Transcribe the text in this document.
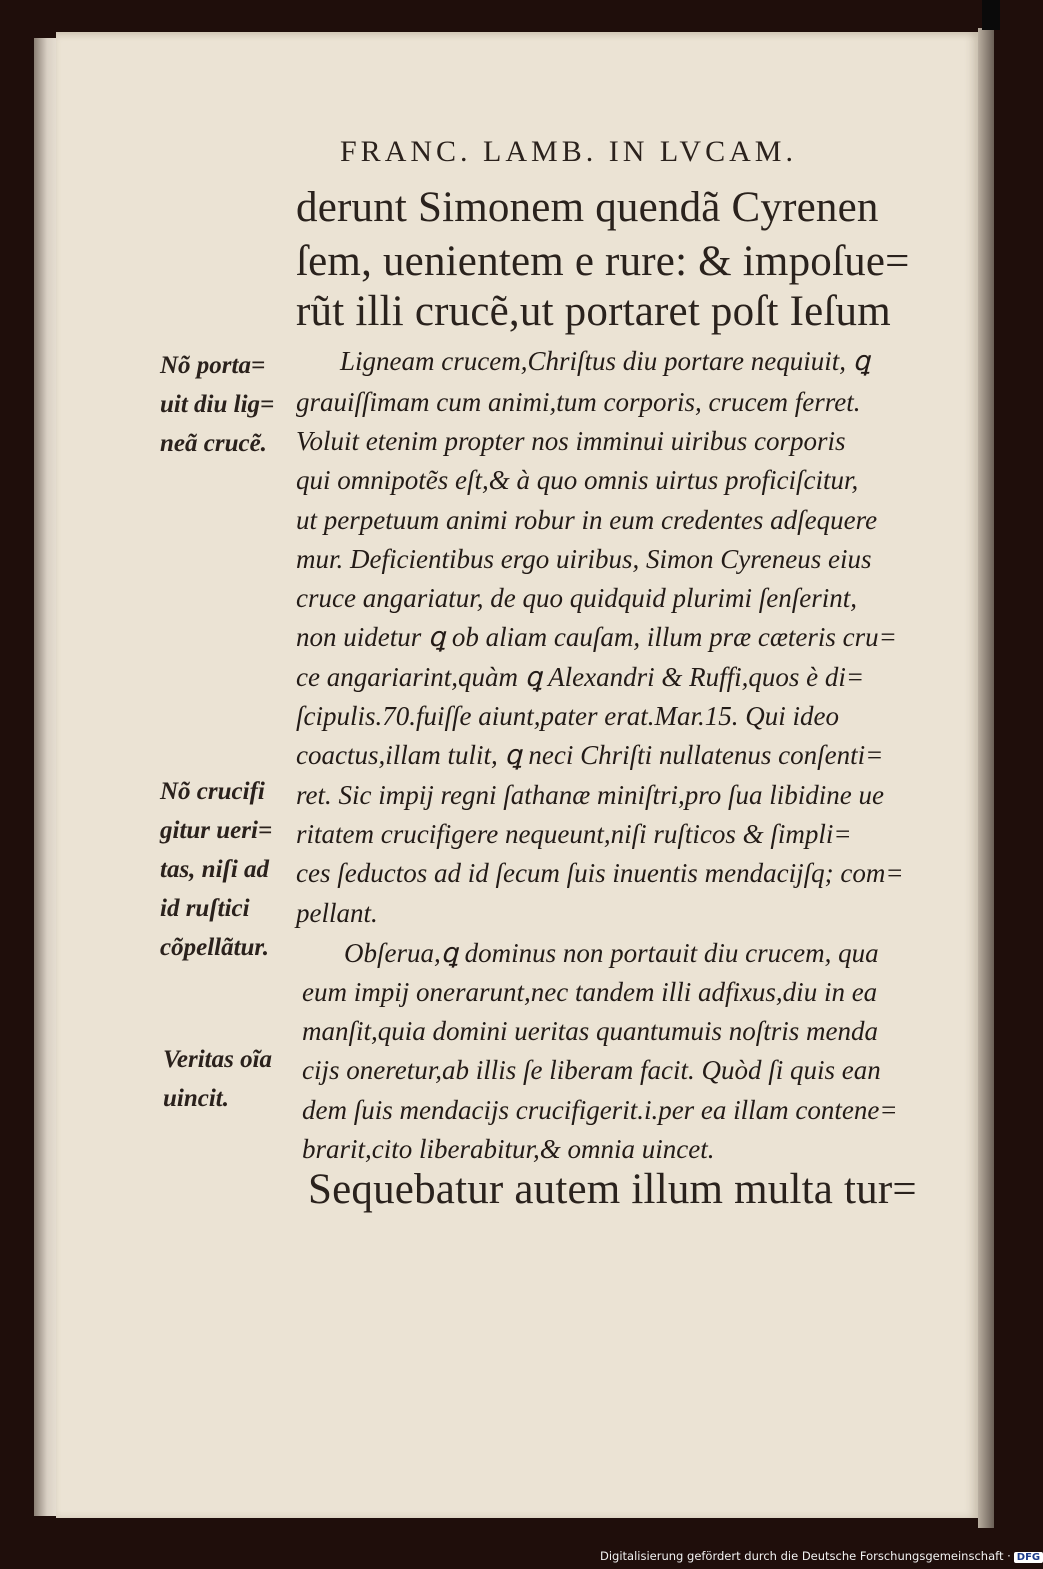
FRANC. LAMB. IN LVCAM.
derunt Simonem quendã Cyrenen
ſem, uenientem e rure: & impoſue=
rũt illi crucẽ,ut portaret poſt Ieſum
Ligneam crucem,Chriſtus diu portare nequiuit, ꝗ
grauiſſimam cum animi,tum corporis, crucem ferret.
Voluit etenim propter nos imminui uiribus corporis
qui omnipotẽs eſt,& à quo omnis uirtus proficiſcitur,
ut perpetuum animi robur in eum credentes adſequere
mur. Deficientibus ergo uiribus, Simon Cyreneus eius
cruce angariatur, de quo quidquid plurimi ſenſerint,
non uidetur ꝗ ob aliam cauſam, illum præ cæteris cru=
ce angariarint,quàm ꝗ Alexandri & Ruffi,quos è di=
ſcipulis.70.fuiſſe aiunt,pater erat.Mar.15. Qui ideo
coactus,illam tulit, ꝗ neci Chriſti nullatenus conſenti=
ret. Sic impij regni ſathanæ miniſtri,pro ſua libidine ue
ritatem crucifigere nequeunt,niſi ruſticos & ſimpli=
ces ſeductos ad id ſecum ſuis inuentis mendacijſq; com=
pellant.
Obſerua,ꝗ dominus non portauit diu crucem, qua
eum impij onerarunt,nec tandem illi adfixus,diu in ea
manſit,quia domini ueritas quantumuis noſtris menda
cijs oneretur,ab illis ſe liberam facit. Quòd ſi quis ean
dem ſuis mendacijs crucifigerit.i.per ea illam contene=
brarit,cito liberabitur,& omnia uincet.
Sequebatur autem illum multa tur=
Nõ porta=
uit diu lig=
neã crucẽ.
Nõ crucifi
gitur ueri=
tas, niſi ad
id ruſtici
cõpellãtur.
Veritas oĩa
uincit.
Digitalisierung gefördert durch die Deutsche Forschungsgemeinschaft · DFG
